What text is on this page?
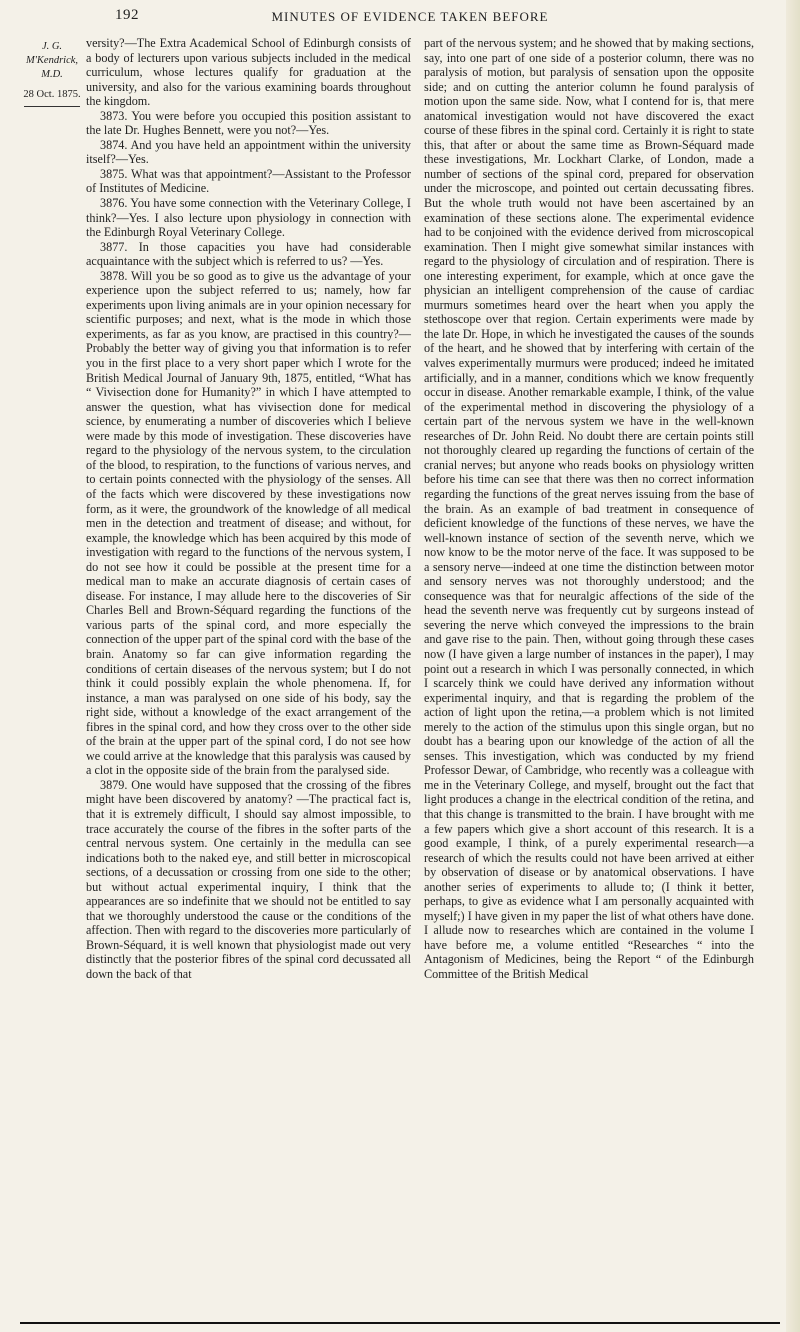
192	MINUTES OF EVIDENCE TAKEN BEFORE
J. G.
M'Kendrick,
M.D.
28 Oct. 1875.

versity?—The Extra Academical School of Edinburgh consists of a body of lecturers upon various subjects included in the medical curriculum, whose lectures qualify for graduation at the university, and also for the various examining boards throughout the kingdom.

3873. You were before you occupied this position assistant to the late Dr. Hughes Bennett, were you not?—Yes.

3874. And you have held an appointment within the university itself?—Yes.

3875. What was that appointment?—Assistant to the Professor of Institutes of Medicine.

3876. You have some connection with the Veterinary College, I think?—Yes. I also lecture upon physiology in connection with the Edinburgh Royal Veterinary College.

3877. In those capacities you have had considerable acquaintance with the subject which is referred to us? —Yes.

3878. Will you be so good as to give us the advantage of your experience upon the subject referred to us; namely, how far experiments upon living animals are in your opinion necessary for scientific purposes; and next, what is the mode in which those experiments, as far as you know, are practised in this country?—Probably the better way of giving you that information is to refer you in the first place to a very short paper which I wrote for the British Medical Journal of January 9th, 1875, entitled, “What has “ Vivisection done for Humanity?” in which I have attempted to answer the question, what has vivisection done for medical science, by enumerating a number of discoveries which I believe were made by this mode of investigation. These discoveries have regard to the physiology of the nervous system, to the circulation of the blood, to respiration, to the functions of various nerves, and to certain points connected with the physiology of the senses. All of the facts which were discovered by these investigations now form, as it were, the groundwork of the knowledge of all medical men in the detection and treatment of disease; and without, for example, the knowledge which has been acquired by this mode of investigation with regard to the functions of the nervous system, I do not see how it could be possible at the present time for a medical man to make an accurate diagnosis of certain cases of disease. For instance, I may allude here to the discoveries of Sir Charles Bell and Brown-Séquard regarding the functions of the various parts of the spinal cord, and more especially the connection of the upper part of the spinal cord with the base of the brain. Anatomy so far can give information regarding the conditions of certain diseases of the nervous system; but I do not think it could possibly explain the whole phenomena. If, for instance, a man was paralysed on one side of his body, say the right side, without a knowledge of the exact arrangement of the fibres in the spinal cord, and how they cross over to the other side of the brain at the upper part of the spinal cord, I do not see how we could arrive at the knowledge that this paralysis was caused by a clot in the opposite side of the brain from the paralysed side.

3879. One would have supposed that the crossing of the fibres might have been discovered by anatomy? —The practical fact is, that it is extremely difficult, I should say almost impossible, to trace accurately the course of the fibres in the softer parts of the central nervous system. One certainly in the medulla can see indications both to the naked eye, and still better in microscopical sections, of a decussation or crossing from one side to the other; but without actual experimental inquiry, I think that the appearances are so indefinite that we should not be entitled to say that we thoroughly understood the cause or the conditions of the affection. Then with regard to the discoveries more particularly of Brown-Séquard, it is well known that physiologist made out very distinctly that the posterior fibres of the spinal cord decussated all down the back of that

part of the nervous system; and he showed that by making sections, say, into one part of one side of a posterior column, there was no paralysis of motion, but paralysis of sensation upon the opposite side; and on cutting the anterior column he found paralysis of motion upon the same side. Now, what I contend for is, that mere anatomical investigation would not have discovered the exact course of these fibres in the spinal cord. Certainly it is right to state this, that after or about the same time as Brown-Séquard made these investigations, Mr. Lockhart Clarke, of London, made a number of sections of the spinal cord, prepared for observation under the microscope, and pointed out certain decussating fibres. But the whole truth would not have been ascertained by an examination of these sections alone. The experimental evidence had to be conjoined with the evidence derived from microscopical examination. Then I might give somewhat similar instances with regard to the physiology of circulation and of respiration. There is one interesting experiment, for example, which at once gave the physician an intelligent comprehension of the cause of cardiac murmurs sometimes heard over the heart when you apply the stethoscope over that region. Certain experiments were made by the late Dr. Hope, in which he investigated the causes of the sounds of the heart, and he showed that by interfering with certain of the valves experimentally murmurs were produced; indeed he imitated artificially, and in a manner, conditions which we know frequently occur in disease. Another remarkable example, I think, of the value of the experimental method in discovering the physiology of a certain part of the nervous system we have in the well-known researches of Dr. John Reid. No doubt there are certain points still not thoroughly cleared up regarding the functions of certain of the cranial nerves; but anyone who reads books on physiology written before his time can see that there was then no correct information regarding the functions of the great nerves issuing from the base of the brain. As an example of bad treatment in consequence of deficient knowledge of the functions of these nerves, we have the well-known instance of section of the seventh nerve, which we now know to be the motor nerve of the face. It was supposed to be a sensory nerve—indeed at one time the distinction between motor and sensory nerves was not thoroughly understood; and the consequence was that for neuralgic affections of the side of the head the seventh nerve was frequently cut by surgeons instead of severing the nerve which conveyed the impressions to the brain and gave rise to the pain. Then, without going through these cases now (I have given a large number of instances in the paper), I may point out a research in which I was personally connected, in which I scarcely think we could have derived any information without experimental inquiry, and that is regarding the problem of the action of light upon the retina,—a problem which is not limited merely to the action of the stimulus upon this single organ, but no doubt has a bearing upon our knowledge of the action of all the senses. This investigation, which was conducted by my friend Professor Dewar, of Cambridge, who recently was a colleague with me in the Veterinary College, and myself, brought out the fact that light produces a change in the electrical condition of the retina, and that this change is transmitted to the brain. I have brought with me a few papers which give a short account of this research. It is a good example, I think, of a purely experimental research—a research of which the results could not have been arrived at either by observation of disease or by anatomical observations. I have another series of experiments to allude to; (I think it better, perhaps, to give as evidence what I am personally acquainted with myself;) I have given in my paper the list of what others have done. I allude now to researches which are contained in the volume I have before me, a volume entitled “Researches “ into the Antagonism of Medicines, being the Report “ of the Edinburgh Committee of the British Medical
